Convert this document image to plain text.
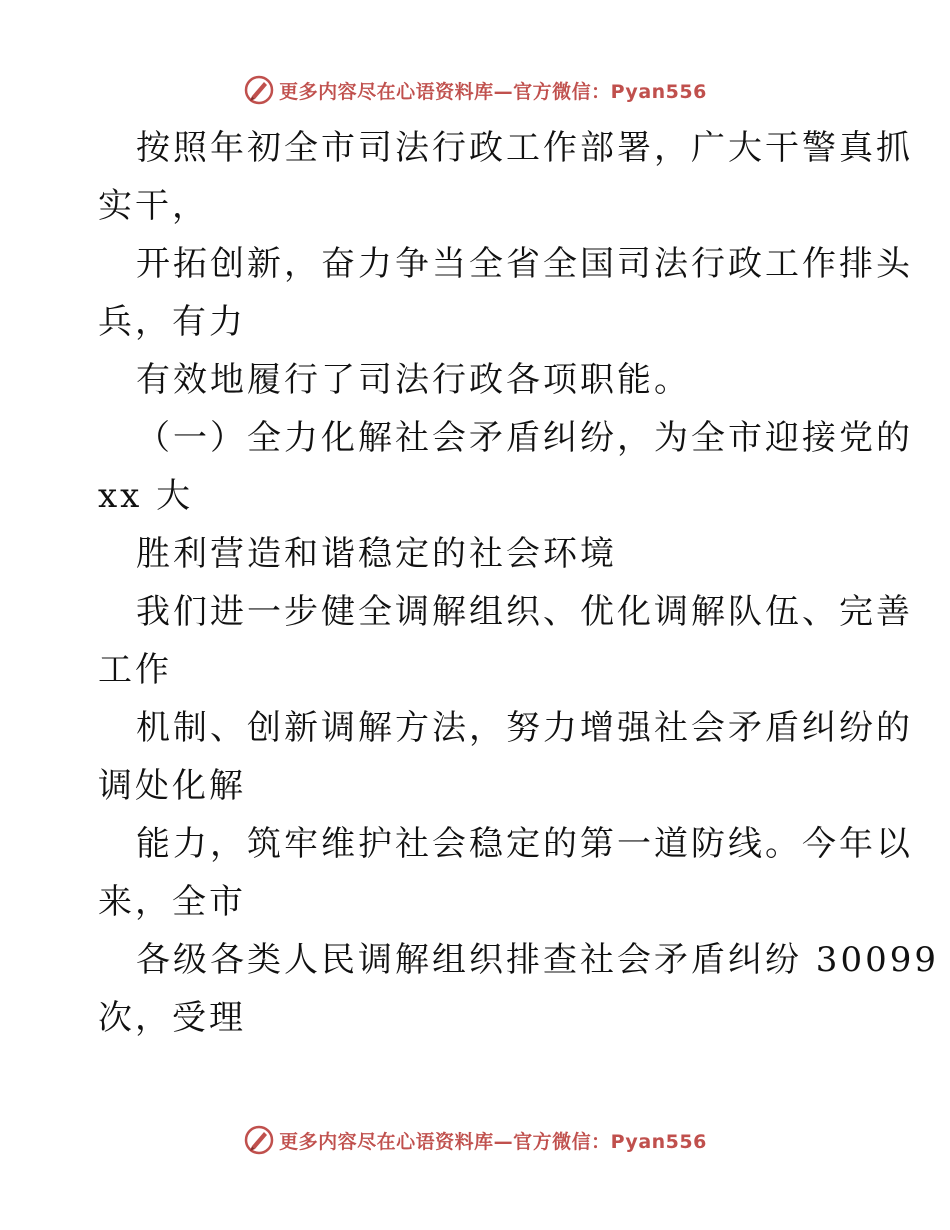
更多内容尽在心语资料库—官方微信：Pyan556
按照年初全市司法行政工作部署，广大干警真抓
实干，
开拓创新，奋力争当全省全国司法行政工作排头
兵，有力
有效地履行了司法行政各项职能。
（一）全力化解社会矛盾纠纷，为全市迎接党的
xx 大
胜利营造和谐稳定的社会环境
我们进一步健全调解组织、优化调解队伍、完善
工作
机制、创新调解方法，努力增强社会矛盾纠纷的
调处化解
能力，筑牢维护社会稳定的第一道防线。今年以
来，全市
各级各类人民调解组织排查社会矛盾纠纷 30099
次，受理
更多内容尽在心语资料库—官方微信：Pyan556
